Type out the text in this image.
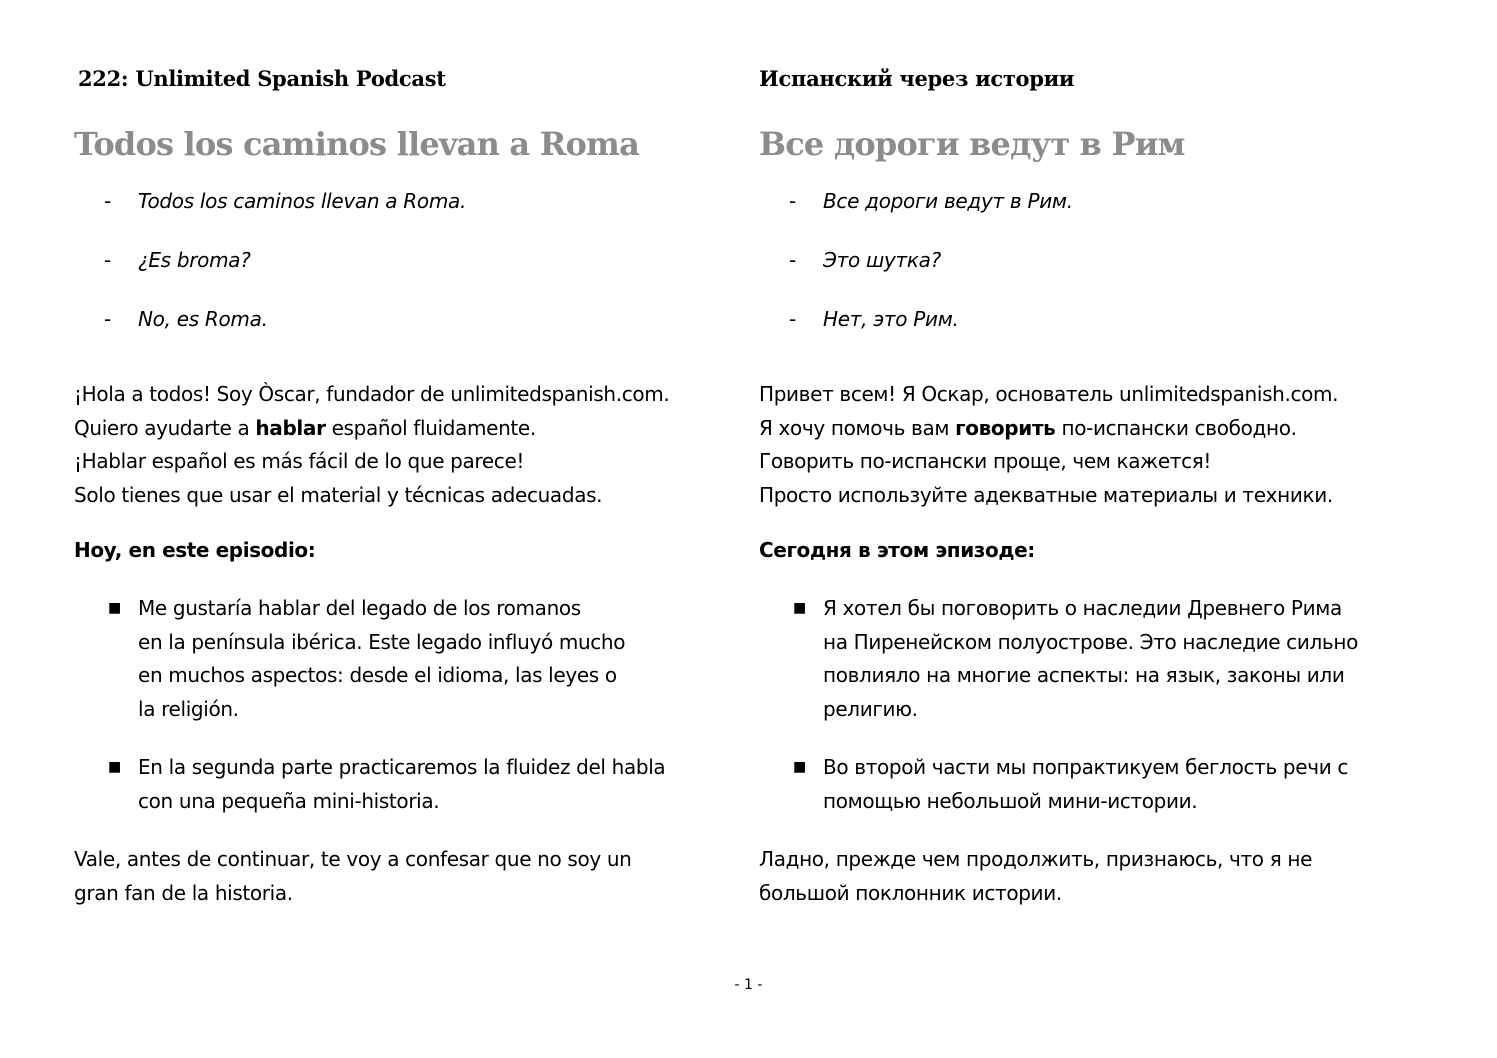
222: Unlimited Spanish Podcast
Todos los caminos llevan a Roma
- Todos los caminos llevan a Roma.
- ¿Es broma?
- No, es Roma.

¡Hola a todos! Soy Òscar, fundador de unlimitedspanish.com.

Quiero ayudarte a hablar español fluidamente.

¡Hablar español es más fácil de lo que parece!

Solo tienes que usar el material y técnicas adecuadas.

Hoy, en este episodio:
■ Me gustaría hablar del legado de los romanos

en la península ibérica. Este legado influyó mucho

en muchos aspectos: desde el idioma, las leyes o

la religión.

■ En la segunda parte practicaremos la fluidez del habla

con una pequeña mini-historia.

Vale, antes de continuar, te voy a confesar que no soy un

gran fan de la historia.

Испанский через истории
Все дороги ведут в Рим
- Все дороги ведут в Рим.
- Это шутка?
- Нет, это Рим.

Привет всем! Я Оскар, основатель unlimitedspanish.com.

Я хочу помочь вам говорить по-испански свободно.

Говорить по-испански проще, чем кажется!

Просто используйте адекватные материалы и техники.

Сегодня в этом эпизоде:
■ Я хотел бы поговорить о наследии Древнего Рима

на Пиренейском полуострове. Это наследие сильно

повлияло на многие аспекты: на язык, законы или

религию.

■ Во второй части мы попрактикуем беглость речи с

помощью небольшой мини-истории.

Ладно, прежде чем продолжить, признаюсь, что я не

большой поклонник истории.

- 1 -
